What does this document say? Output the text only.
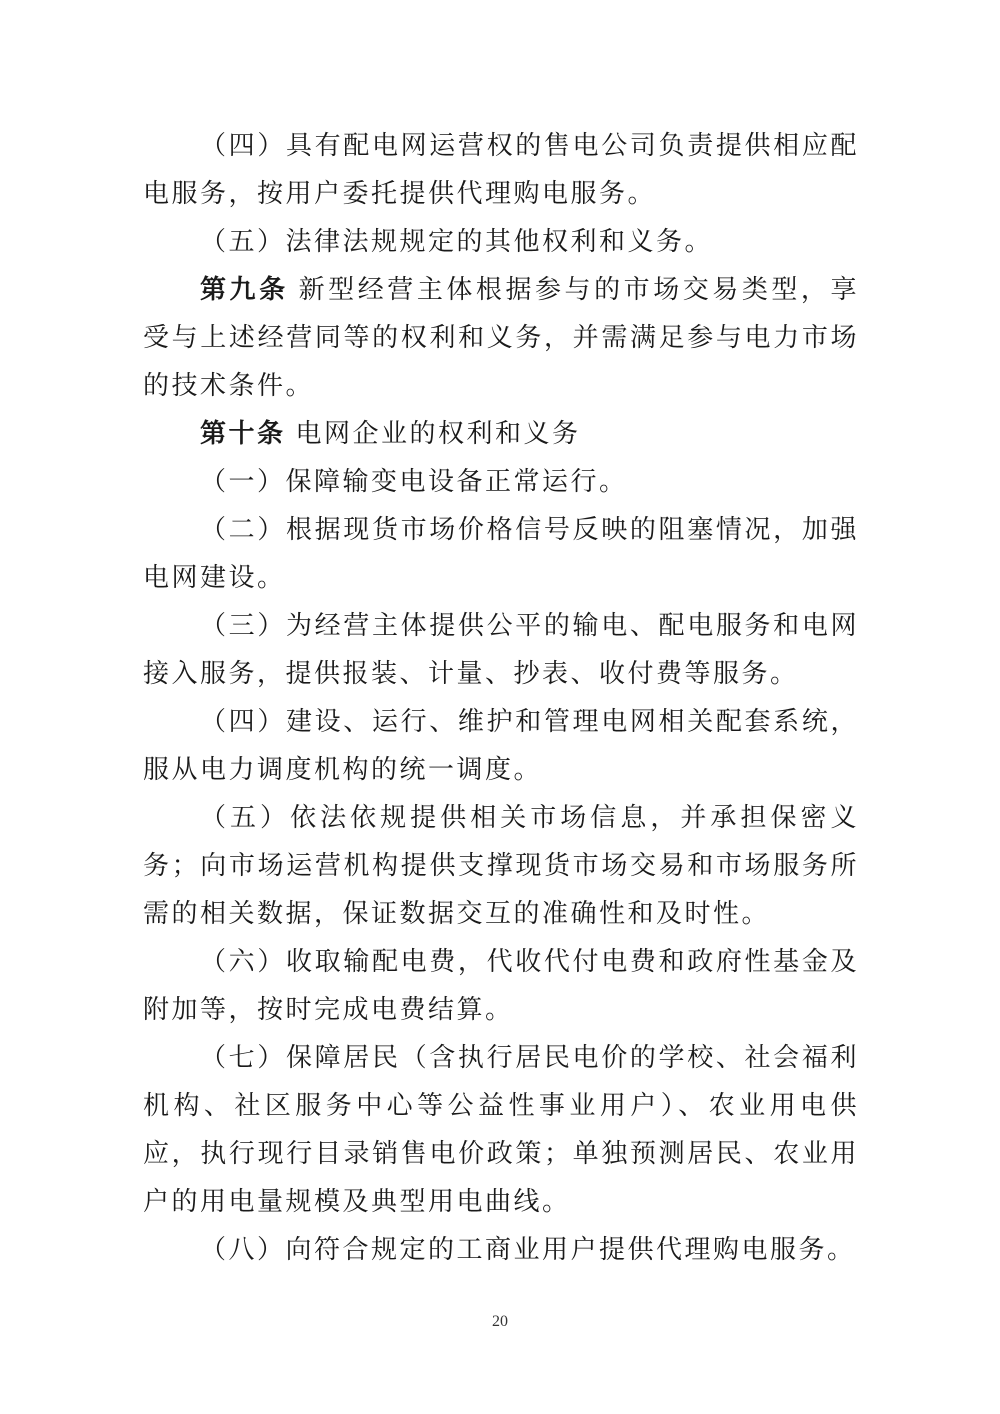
（四）具有配电网运营权的售电公司负责提供相应配电服务，按用户委托提供代理购电服务。

（五）法律法规规定的其他权利和义务。

第九条 新型经营主体根据参与的市场交易类型，享受与上述经营同等的权利和义务，并需满足参与电力市场的技术条件。

第十条 电网企业的权利和义务

（一）保障输变电设备正常运行。

（二）根据现货市场价格信号反映的阻塞情况，加强电网建设。

（三）为经营主体提供公平的输电、配电服务和电网接入服务，提供报装、计量、抄表、收付费等服务。

（四）建设、运行、维护和管理电网相关配套系统，服从电力调度机构的统一调度。

（五）依法依规提供相关市场信息，并承担保密义务；向市场运营机构提供支撑现货市场交易和市场服务所需的相关数据，保证数据交互的准确性和及时性。

（六）收取输配电费，代收代付电费和政府性基金及附加等，按时完成电费结算。

（七）保障居民（含执行居民电价的学校、社会福利机构、社区服务中心等公益性事业用户）、农业用电供应，执行现行目录销售电价政策；单独预测居民、农业用户的用电量规模及典型用电曲线。

（八）向符合规定的工商业用户提供代理购电服务。

20
